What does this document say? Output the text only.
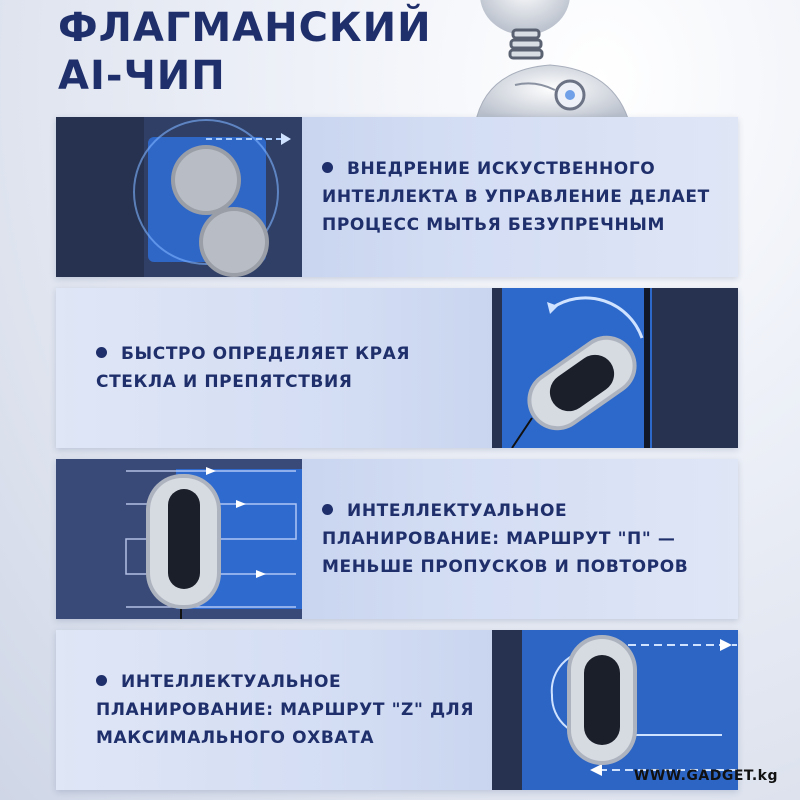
ФЛАГМАНСКИЙ
AI-ЧИП

ВНЕДРЕНИЕ ИСКУСТВЕННОГО ИНТЕЛЛЕКТА В УПРАВЛЕНИЕ ДЕЛАЕТ ПРОЦЕСС МЫТЬЯ БЕЗУПРЕЧНЫМ

БЫСТРО ОПРЕДЕЛЯЕТ КРАЯ СТЕКЛА И ПРЕПЯТСТВИЯ

ИНТЕЛЛЕКТУАЛЬНОЕ ПЛАНИРОВАНИЕ: МАРШРУТ "П" — МЕНЬШЕ ПРОПУСКОВ И ПОВТОРОВ

ИНТЕЛЛЕКТУАЛЬНОЕ ПЛАНИРОВАНИЕ: МАРШРУТ "Z" ДЛЯ МАКСИМАЛЬНОГО ОХВАТА

WWW.GADGET.kg
